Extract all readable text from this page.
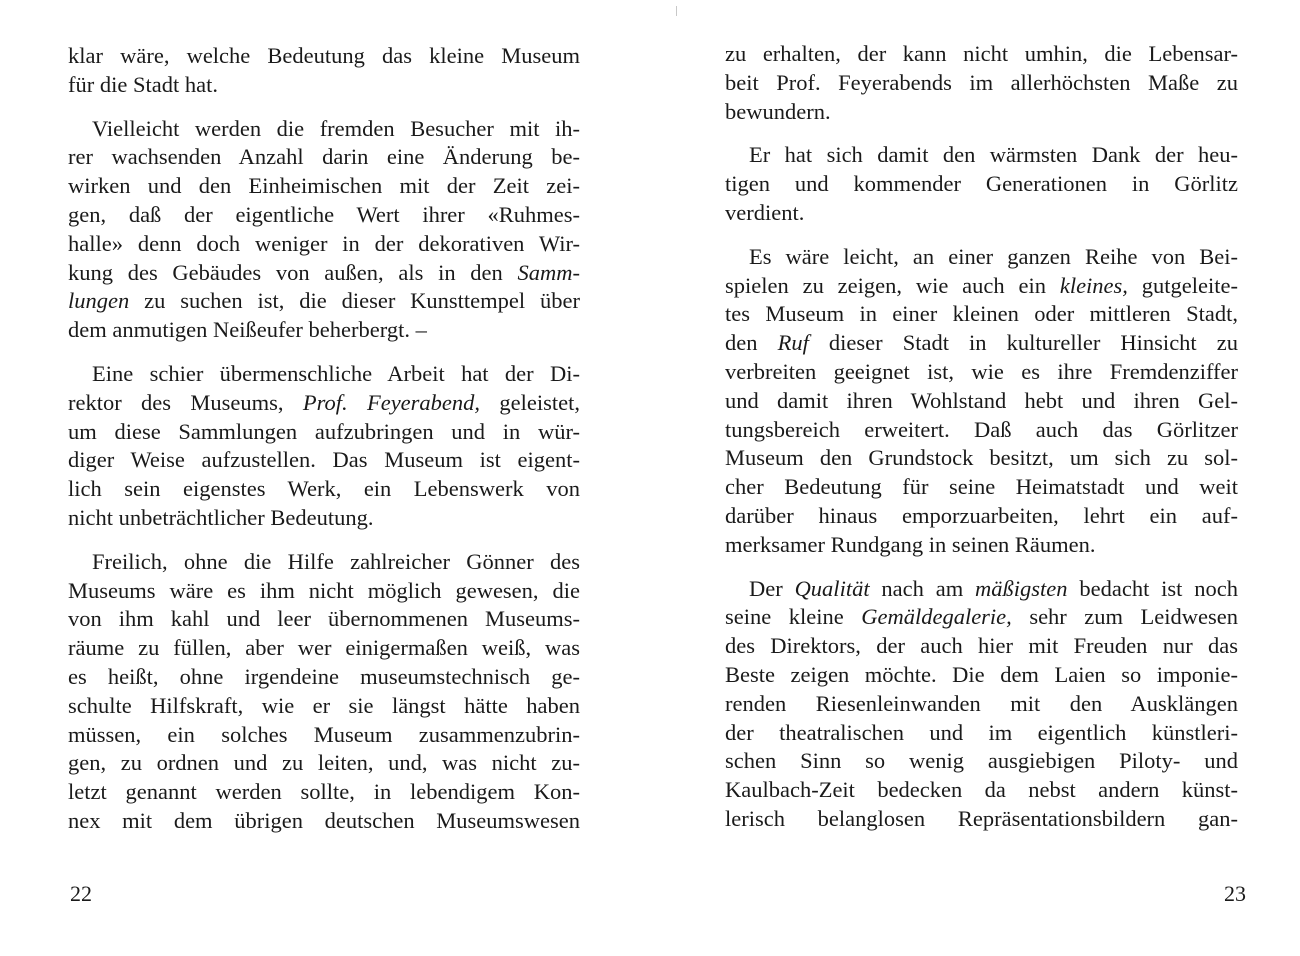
klar wäre, welche Bedeutung das kleine Museum
für die Stadt hat.
Vielleicht werden die fremden Besucher mit ih-
rer wachsenden Anzahl darin eine Änderung be-
wirken und den Einheimischen mit der Zeit zei-
gen, daß der eigentliche Wert ihrer «Ruhmes-
halle» denn doch weniger in der dekorativen Wir-
kung des Gebäudes von außen, als in den Samm-
lungen zu suchen ist, die dieser Kunsttempel über
dem anmutigen Neißeufer beherbergt. –
Eine schier übermenschliche Arbeit hat der Di-
rektor des Museums, Prof. Feyerabend, geleistet,
um diese Sammlungen aufzubringen und in wür-
diger Weise aufzustellen. Das Museum ist eigent-
lich sein eigenstes Werk, ein Lebenswerk von
nicht unbeträchtlicher Bedeutung.
Freilich, ohne die Hilfe zahlreicher Gönner des
Museums wäre es ihm nicht möglich gewesen, die
von ihm kahl und leer übernommenen Museums-
räume zu füllen, aber wer einigermaßen weiß, was
es heißt, ohne irgendeine museumstechnisch ge-
schulte Hilfskraft, wie er sie längst hätte haben
müssen, ein solches Museum zusammenzubrin-
gen, zu ordnen und zu leiten, und, was nicht zu-
letzt genannt werden sollte, in lebendigem Kon-
nex mit dem übrigen deutschen Museumswesen
22
zu erhalten, der kann nicht umhin, die Lebensar-
beit Prof. Feyerabends im allerhöchsten Maße zu
bewundern.
Er hat sich damit den wärmsten Dank der heu-
tigen und kommender Generationen in Görlitz
verdient.
Es wäre leicht, an einer ganzen Reihe von Bei-
spielen zu zeigen, wie auch ein kleines, gutgeleite-
tes Museum in einer kleinen oder mittleren Stadt,
den Ruf dieser Stadt in kultureller Hinsicht zu
verbreiten geeignet ist, wie es ihre Fremdenziffer
und damit ihren Wohlstand hebt und ihren Gel-
tungsbereich erweitert. Daß auch das Görlitzer
Museum den Grundstock besitzt, um sich zu sol-
cher Bedeutung für seine Heimatstadt und weit
darüber hinaus emporzuarbeiten, lehrt ein auf-
merksamer Rundgang in seinen Räumen.
Der Qualität nach am mäßigsten bedacht ist noch
seine kleine Gemäldegalerie, sehr zum Leidwesen
des Direktors, der auch hier mit Freuden nur das
Beste zeigen möchte. Die dem Laien so imponie-
renden Riesenleinwanden mit den Ausklängen
der theatralischen und im eigentlich künstleri-
schen Sinn so wenig ausgiebigen Piloty- und
Kaulbach-Zeit bedecken da nebst andern künst-
lerisch belanglosen Repräsentationsbildern gan-
23
